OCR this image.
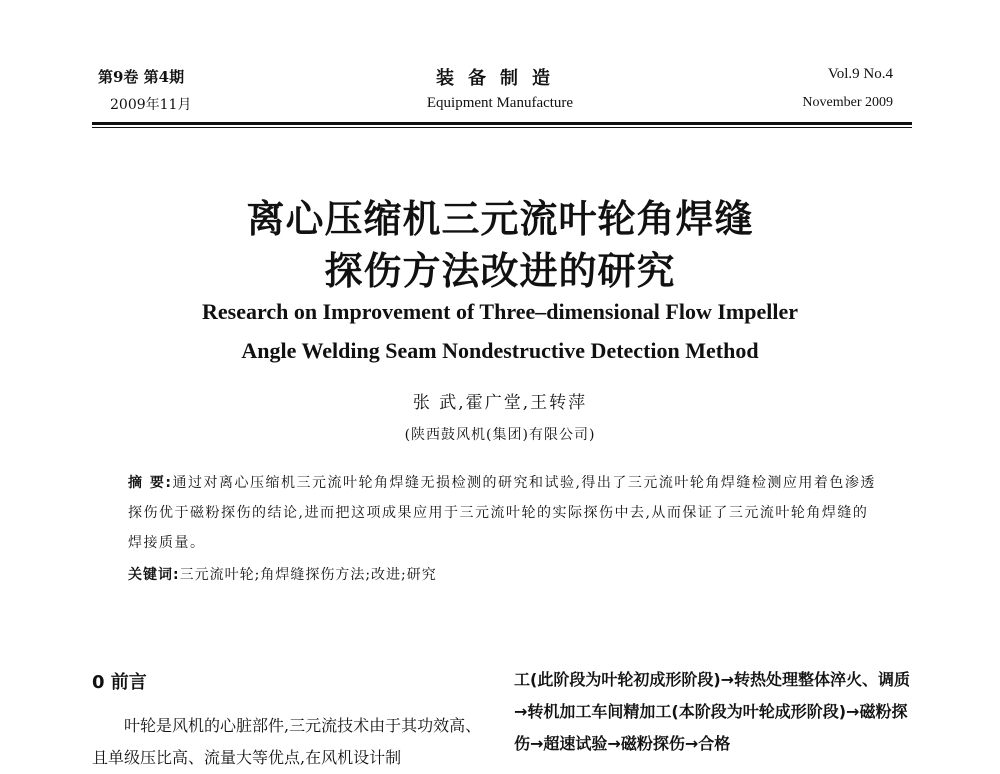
第9卷 第4期
2009年11月
装备制造
Equipment Manufacture
Vol.9 No.4
November 2009
离心压缩机三元流叶轮角焊缝
探伤方法改进的研究
Research on Improvement of Three–dimensional Flow Impeller
Angle Welding Seam Nondestructive Detection Method
张 武,霍广堂,王转萍
(陕西鼓风机(集团)有限公司)
摘 要:通过对离心压缩机三元流叶轮角焊缝无损检测的研究和试验,得出了三元流叶轮角焊缝检测应用着色渗透探伤优于磁粉探伤的结论,进而把这项成果应用于三元流叶轮的实际探伤中去,从而保证了三元流叶轮角焊缝的焊接质量。
关键词:三元流叶轮;角焊缝探伤方法;改进;研究
0 前言
叶轮是风机的心脏部件,三元流技术由于其功效高、且单级压比高、流量大等优点,在风机设计制
工(此阶段为叶轮初成形阶段)→转热处理整体淬火、调质→转机加工车间精加工(本阶段为叶轮成形阶段)→磁粉探伤→超速试验→磁粉探伤→合格
